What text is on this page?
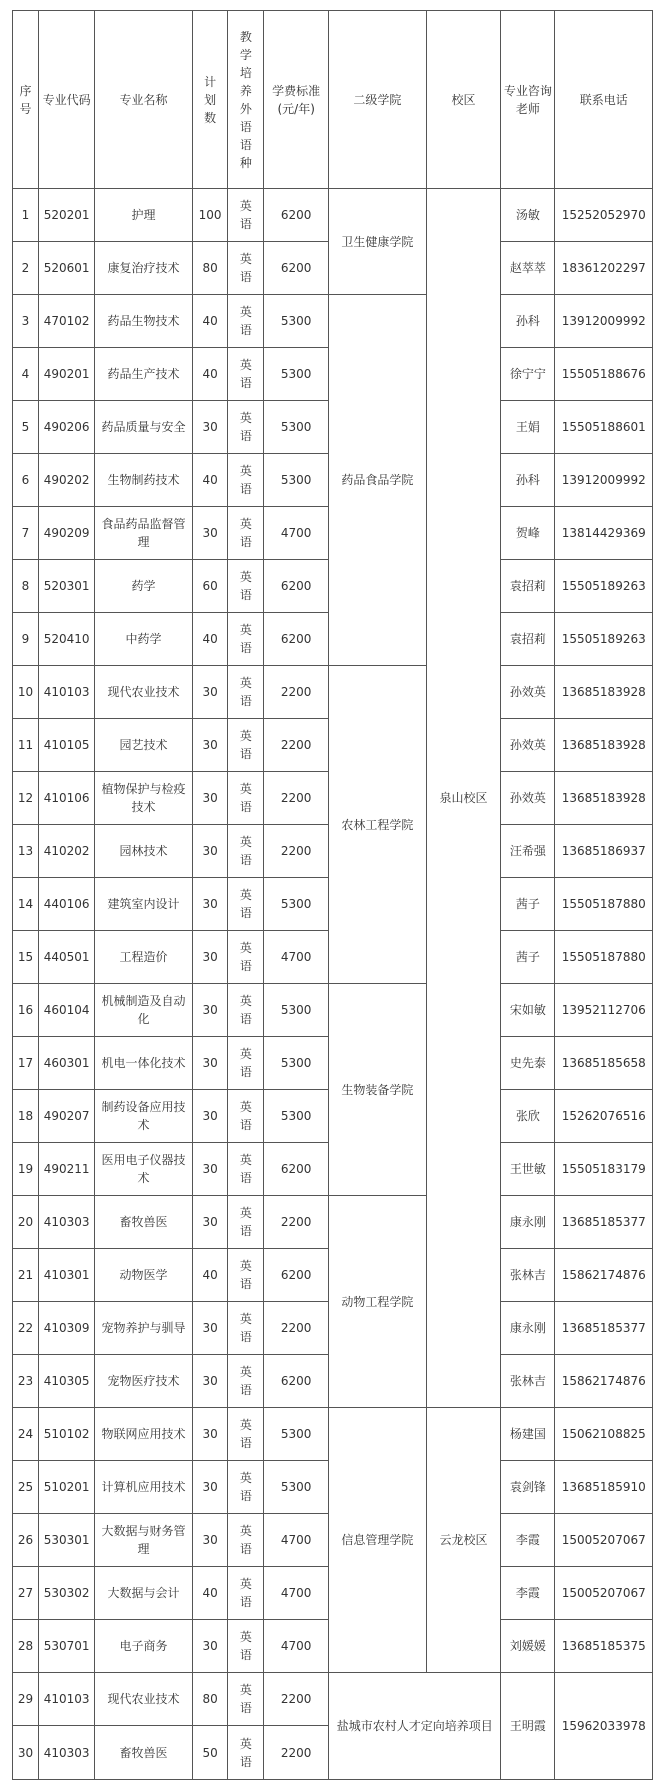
序号	专业代码	专业名称	计划数	教学培养外语语种	学费标准(元/年)	二级学院	校区	专业咨询老师	联系电话
1	520201	护理	100	英语	6200	卫生健康学院	泉山校区	汤敏	15252052970
2	520601	康复治疗技术	80	英语	6200			赵萃萃	18361202297
3	470102	药品生物技术	40	英语	5300	药品食品学院		孙科	13912009992
4	490201	药品生产技术	40	英语	5300			徐宁宁	15505188676
5	490206	药品质量与安全	30	英语	5300			王娟	15505188601
6	490202	生物制药技术	40	英语	5300			孙科	13912009992
7	490209	食品药品监督管理	30	英语	4700			贺峰	13814429369
8	520301	药学	60	英语	6200			袁招莉	15505189263
9	520410	中药学	40	英语	6200			袁招莉	15505189263
10	410103	现代农业技术	30	英语	2200	农林工程学院		孙效英	13685183928
11	410105	园艺技术	30	英语	2200			孙效英	13685183928
12	410106	植物保护与检疫技术	30	英语	2200			孙效英	13685183928
13	410202	园林技术	30	英语	2200			汪希强	13685186937
14	440106	建筑室内设计	30	英语	5300			茜子	15505187880
15	440501	工程造价	30	英语	4700			茜子	15505187880
16	460104	机械制造及自动化	30	英语	5300	生物装备学院		宋如敏	13952112706
17	460301	机电一体化技术	30	英语	5300			史先泰	13685185658
18	490207	制药设备应用技术	30	英语	5300			张欣	15262076516
19	490211	医用电子仪器技术	30	英语	6200			王世敏	15505183179
20	410303	畜牧兽医	30	英语	2200	动物工程学院		康永刚	13685185377
21	410301	动物医学	40	英语	6200			张林吉	15862174876
22	410309	宠物养护与驯导	30	英语	2200			康永刚	13685185377
23	410305	宠物医疗技术	30	英语	6200			张林吉	15862174876
24	510102	物联网应用技术	30	英语	5300	信息管理学院	云龙校区	杨建国	15062108825
25	510201	计算机应用技术	30	英语	5300			袁剑锋	13685185910
26	530301	大数据与财务管理	30	英语	4700			李霞	15005207067
27	530302	大数据与会计	40	英语	4700			李霞	15005207067
28	530701	电子商务	30	英语	4700			刘媛媛	13685185375
29	410103	现代农业技术	80	英语	2200	盐城市农村人才定向培养项目		王明霞	15962033978
30	410303	畜牧兽医	50	英语	2200				
